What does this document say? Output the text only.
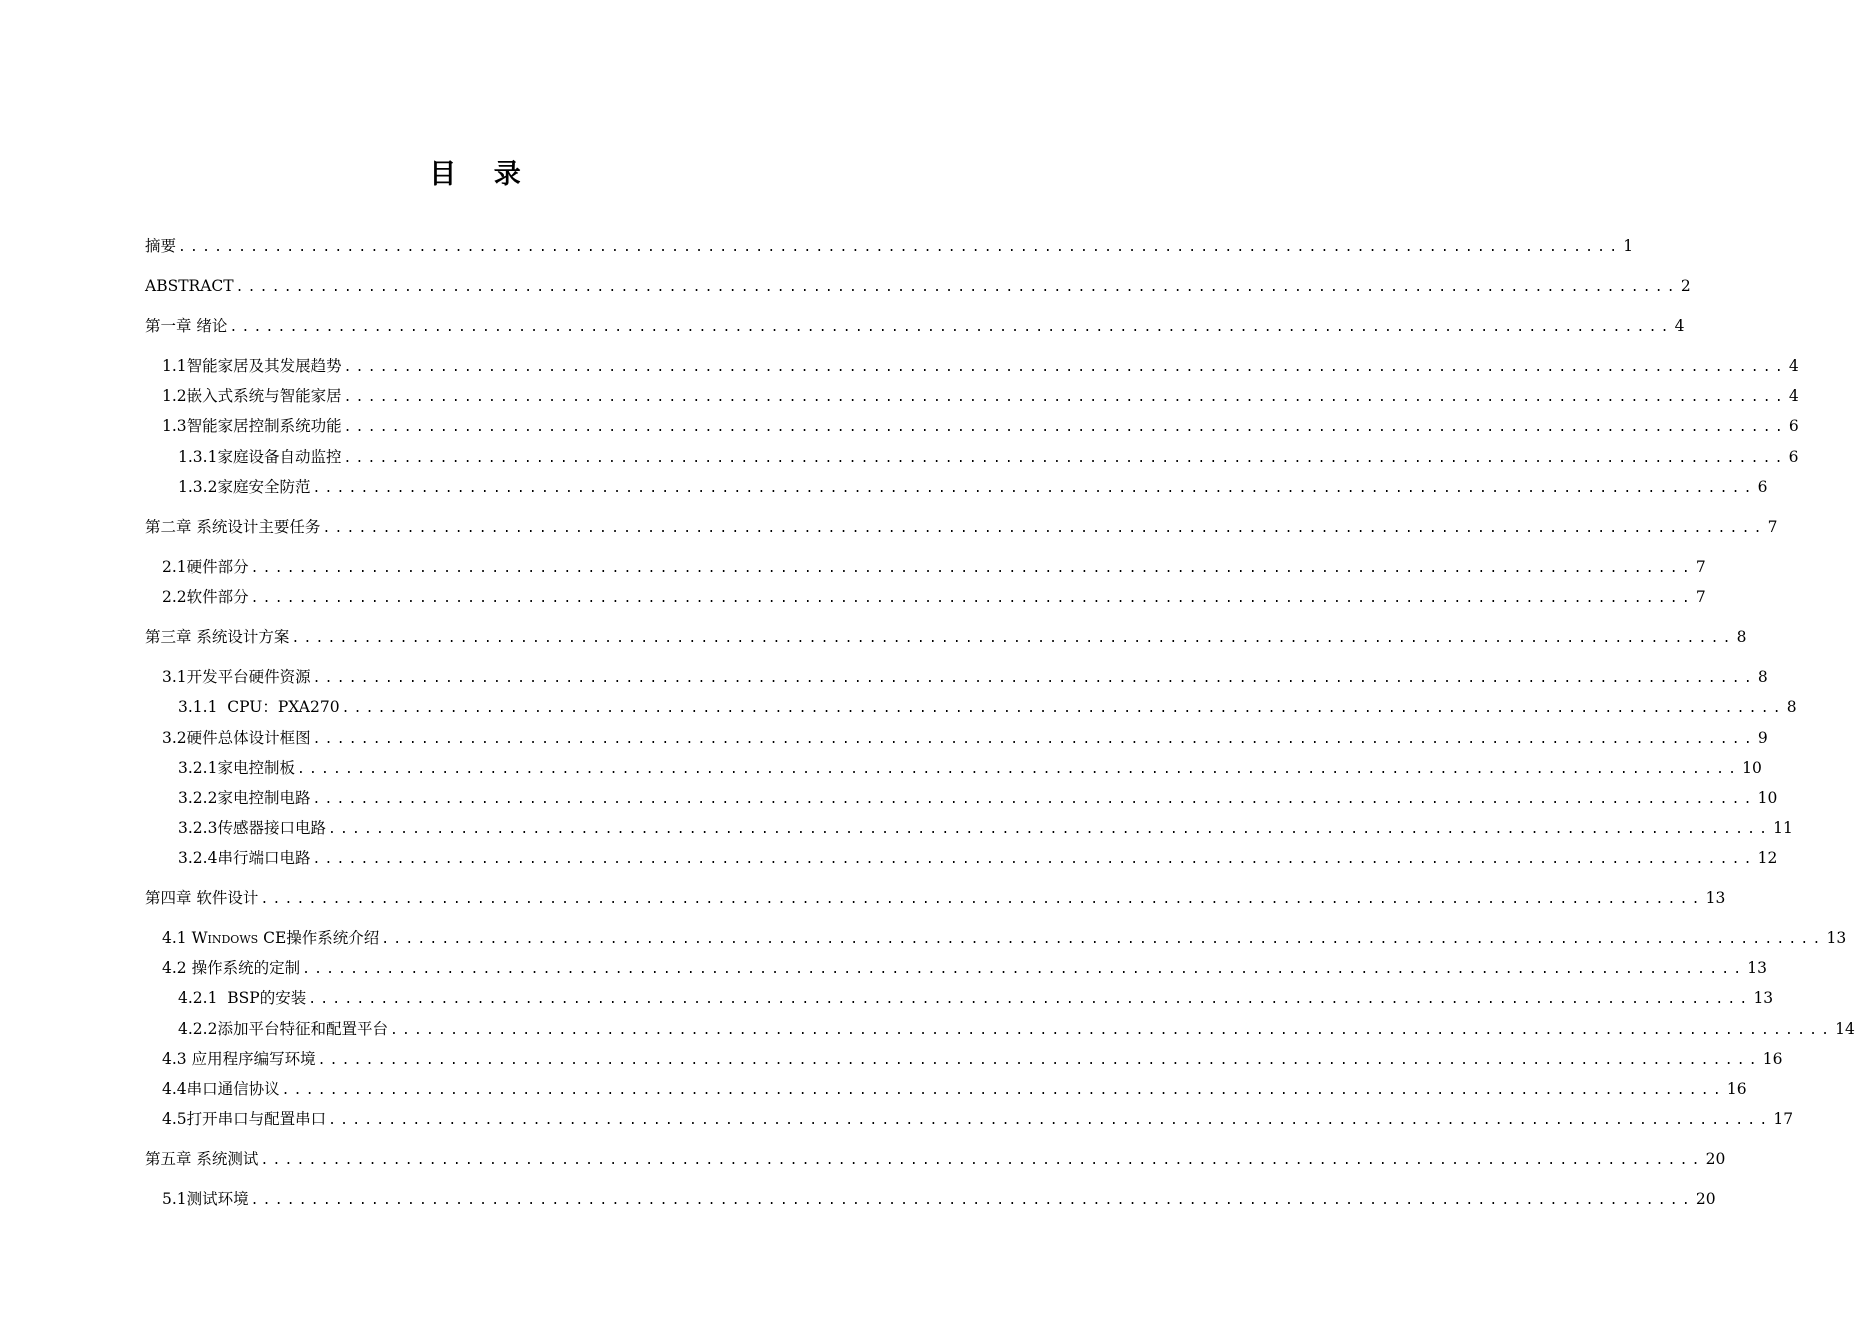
目 录
摘要 ........................................................................................................................ 1
ABSTRACT ........................................................................................................................ 2
第一章 绪论 ........................................................................................................................ 4
1.1智能家居及其发展趋势 ........................................................................................................................ 4
1.2嵌入式系统与智能家居 ........................................................................................................................ 4
1.3智能家居控制系统功能 ........................................................................................................................ 6
1.3.1家庭设备自动监控 ........................................................................................................................ 6
1.3.2家庭安全防范 ........................................................................................................................ 6
第二章 系统设计主要任务 ........................................................................................................................ 7
2.1硬件部分 ........................................................................................................................ 7
2.2软件部分 ........................................................................................................................ 7
第三章 系统设计方案 ........................................................................................................................ 8
3.1开发平台硬件资源 ........................................................................................................................ 8
3.1.1  CPU：PXA270 ........................................................................................................................ 8
3.2硬件总体设计框图 ........................................................................................................................ 9
3.2.1家电控制板 ........................................................................................................................ 10
3.2.2家电控制电路 ........................................................................................................................ 10
3.2.3传感器接口电路 ........................................................................................................................ 11
3.2.4串行端口电路 ........................................................................................................................ 12
第四章 软件设计 ........................................................................................................................ 13
4.1 Windows CE操作系统介绍 ........................................................................................................................ 13
4.2 操作系统的定制 ........................................................................................................................ 13
4.2.1  BSP的安装 ........................................................................................................................ 13
4.2.2添加平台特征和配置平台 ........................................................................................................................ 14
4.3 应用程序编写环境 ........................................................................................................................ 16
4.4串口通信协议 ........................................................................................................................ 16
4.5打开串口与配置串口 ........................................................................................................................ 17
第五章 系统测试 ........................................................................................................................ 20
5.1测试环境 ........................................................................................................................ 20
